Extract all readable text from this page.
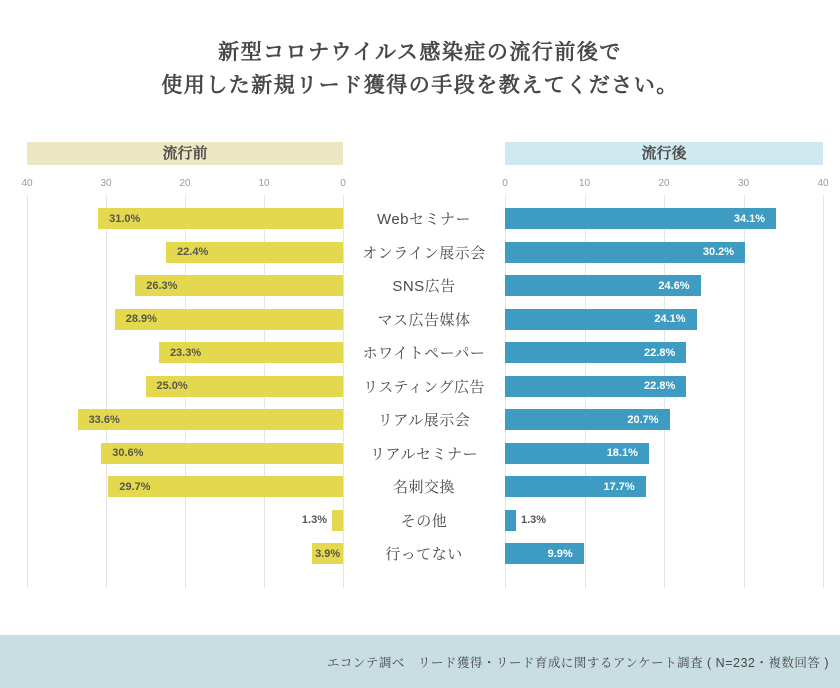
新型コロナウイルス感染症の流行前後で
使用した新規リード獲得の手段を教えてください。
流行前	流行後
40	30	20	10	0	0	10	20	30	40
31.0%	Webセミナー	34.1%
22.4%	オンライン展示会	30.2%
26.3%	SNS広告	24.6%
28.9%	マス広告媒体	24.1%
23.3%	ホワイトペーパー	22.8%
25.0%	リスティング広告	22.8%
33.6%	リアル展示会	20.7%
30.6%	リアルセミナー	18.1%
29.7%	名刺交換	17.7%
1.3%	その他	1.3%
3.9%	行ってない	9.9%
エコンテ調べ　リード獲得・リード育成に関するアンケート調査 ( N=232・複数回答 )
